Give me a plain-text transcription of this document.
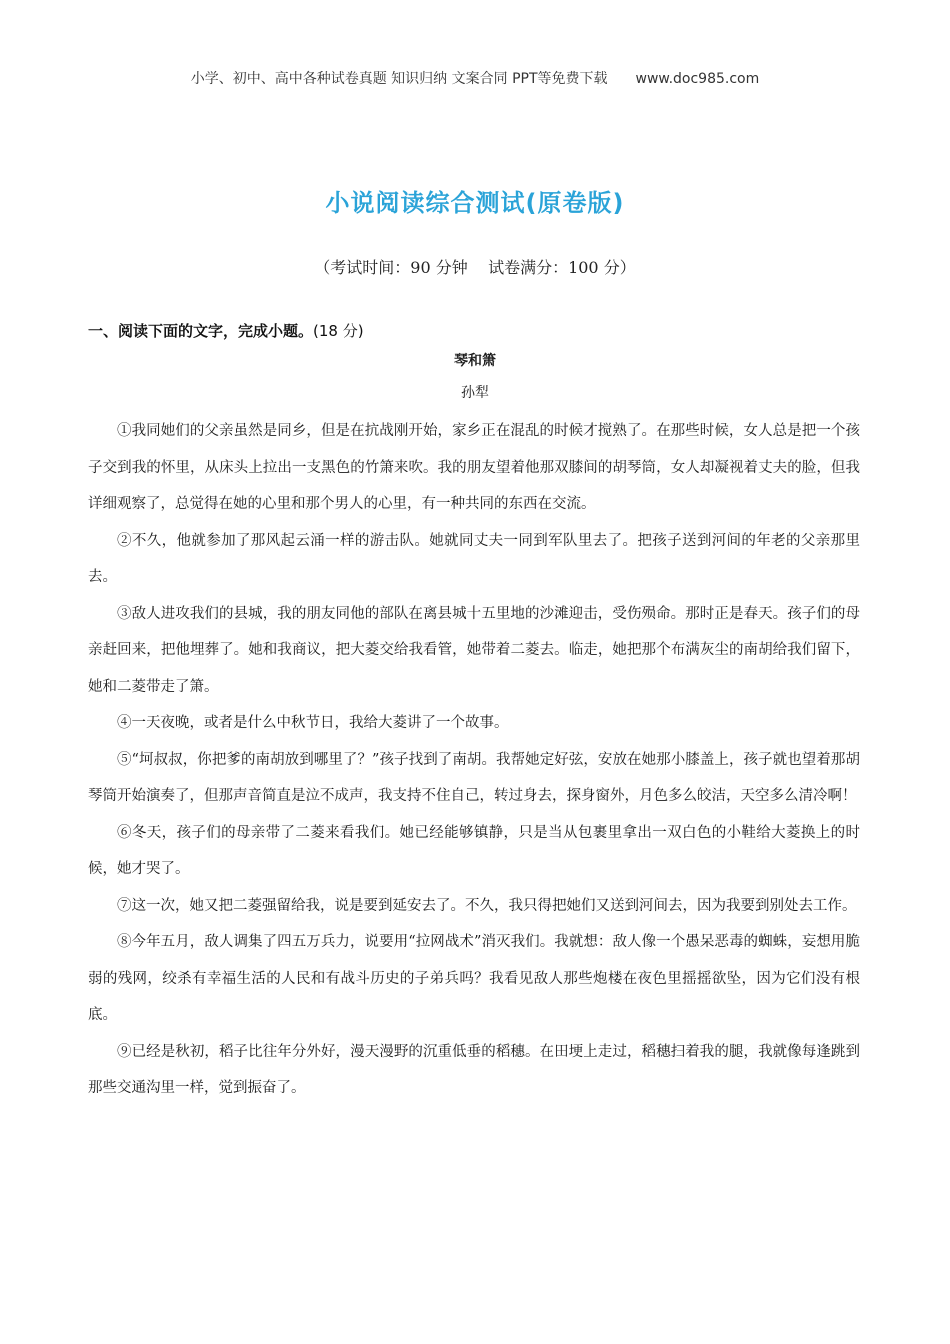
小学、初中、高中各种试卷真题 知识归纳 文案合同 PPT等免费下载 www.doc985.com
小说阅读综合测试(原卷版)
（考试时间：90 分钟    试卷满分：100 分）
一、阅读下面的文字，完成小题。(18 分)
琴和箫
孙犁

①我同她们的父亲虽然是同乡，但是在抗战刚开始，家乡正在混乱的时候才搅熟了。在那些时候，女人总是把一个孩子交到我的怀里，从床头上拉出一支黑色的竹箫来吹。我的朋友望着他那双膝间的胡琴筒，女人却凝视着丈夫的脸，但我详细观察了，总觉得在她的心里和那个男人的心里，有一种共同的东西在交流。

②不久，他就参加了那风起云涌一样的游击队。她就同丈夫一同到军队里去了。把孩子送到河间的年老的父亲那里去。

③敌人进攻我们的县城，我的朋友同他的部队在离县城十五里地的沙滩迎击，受伤殒命。那时正是春天。孩子们的母亲赶回来，把他埋葬了。她和我商议，把大菱交给我看管，她带着二菱去。临走，她把那个布满灰尘的南胡给我们留下，她和二菱带走了箫。

④一天夜晚，或者是什么中秋节日，我给大菱讲了一个故事。

⑤“坷叔叔，你把爹的南胡放到哪里了？”孩子找到了南胡。我帮她定好弦，安放在她那小膝盖上，孩子就也望着那胡琴筒开始演奏了，但那声音简直是泣不成声，我支持不住自己，转过身去，探身窗外，月色多么皎洁，天空多么清冷啊！

⑥冬天，孩子们的母亲带了二菱来看我们。她已经能够镇静，只是当从包裹里拿出一双白色的小鞋给大菱换上的时候，她才哭了。

⑦这一次，她又把二菱强留给我，说是要到延安去了。不久，我只得把她们又送到河间去，因为我要到别处去工作。

⑧今年五月，敌人调集了四五万兵力，说要用“拉网战术”消灭我们。我就想：敌人像一个愚呆恶毒的蜘蛛，妄想用脆弱的残网，绞杀有幸福生活的人民和有战斗历史的子弟兵吗？我看见敌人那些炮楼在夜色里摇摇欲坠，因为它们没有根底。

⑨已经是秋初，稻子比往年分外好，漫天漫野的沉重低垂的稻穗。在田埂上走过，稻穗扫着我的腿，我就像每逢跳到那些交通沟里一样，觉到振奋了。
